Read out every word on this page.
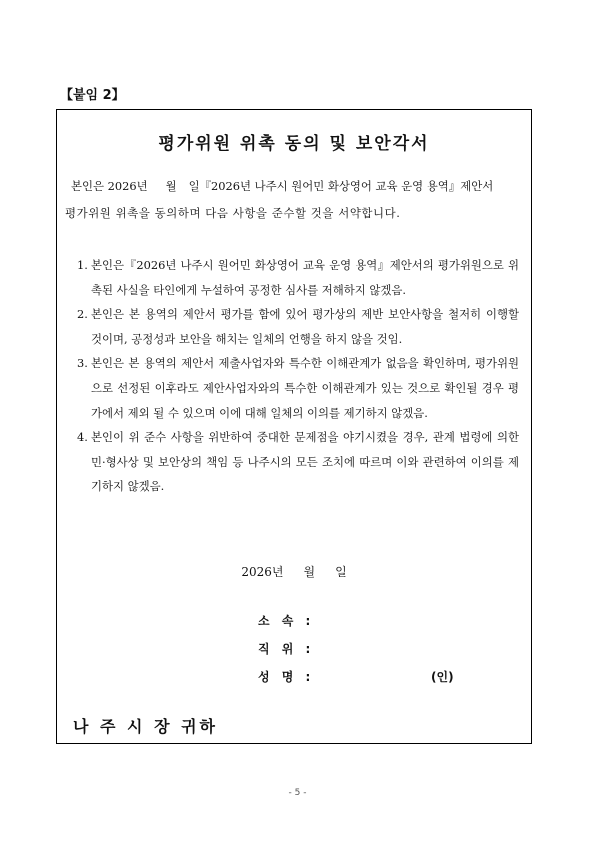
【붙임 2】
평가위원 위촉 동의 및 보안각서
본인은 2026년 월 일『2026년 나주시 원어민 화상영어 교육 운영 용역』제안서
평가위원 위촉을 동의하며 다음 사항을 준수할 것을 서약합니다.
1. 본인은『2026년 나주시 원어민 화상영어 교육 운영 용역』제안서의 평가위원으로 위촉된 사실을 타인에게 누설하여 공정한 심사를 저해하지 않겠음.
2. 본인은 본 용역의 제안서 평가를 함에 있어 평가상의 제반 보안사항을 철저히 이행할 것이며, 공정성과 보안을 해치는 일체의 언행을 하지 않을 것임.
3. 본인은 본 용역의 제안서 제출사업자와 특수한 이해관계가 없음을 확인하며, 평가위원으로 선정된 이후라도 제안사업자와의 특수한 이해관계가 있는 것으로 확인될 경우 평가에서 제외 될 수 있으며 이에 대해 일체의 이의를 제기하지 않겠음.
4. 본인이 위 준수 사항을 위반하여 중대한 문제점을 야기시켰을 경우, 관계 법령에 의한 민·형사상 및 보안상의 책임 등 나주시의 모든 조치에 따르며 이와 관련하여 이의를 제기하지 않겠음.
2026년 월 일
소 속 :
직 위 :
성 명 :	(인)
나 주 시 장 귀하
- 5 -
